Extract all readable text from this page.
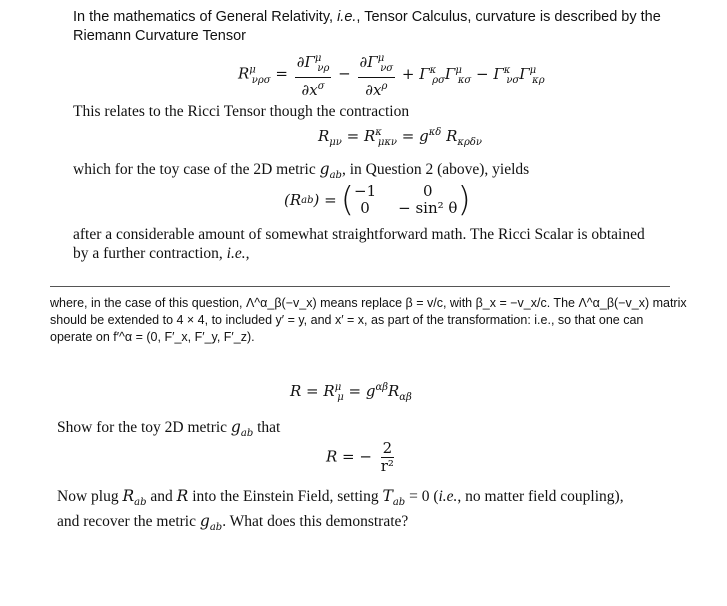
In the mathematics of General Relativity, i.e., Tensor Calculus, curvature is described by the
Riemann Curvature Tensor
$R^\mu_{\nu\rho\sigma} = \frac{\partial\Gamma^\mu_{\nu\rho}}{\partial x^\sigma} - \frac{\partial\Gamma^\mu_{\nu\sigma}}{\partial x^\rho} + \Gamma^\kappa_{\rho\sigma}\Gamma^\mu_{\kappa\sigma} - \Gamma^\kappa_{\nu\sigma}\Gamma^\mu_{\kappa\rho}$
This relates to the Ricci Tensor though the contraction
$R_{\mu\nu} = R^\kappa_{\mu\kappa\nu} = g^{\kappa\delta}$ $R_{\kappa\rho\delta\nu}$
which for the toy case of the 2D metric $g_{ab}$, in Question 2 (above), yields
(R ab ) = ( −1	0
0	− sin² θ )
after a considerable amount of somewhat straightforward math. The Ricci Scalar is obtained
by a further contraction, i.e.,
where, in the case of this question, Λ^α_β(−v_x) means replace β = v/c, with β_x = −v_x/c. The Λ^α_β(−v_x) matrix
should be extended to 4 × 4, to included y′ = y, and x′ = x, as part of the transformation: i.e., so that one can
operate on f′^α = (0, F′_x, F′_y, F′_z).
$R = R^\mu_\mu = g^{\alpha\beta}R_{\alpha\beta}$
Show for the toy 2D metric $g_{ab}$ that
R = − $\frac{2}{\text{r²}}$
Now plug $R_{ab}$ and R into the Einstein Field, setting $T_{ab} = 0$ (i.e., no matter field coupling),
and recover the metric $g_{ab}$. What does this demonstrate?
